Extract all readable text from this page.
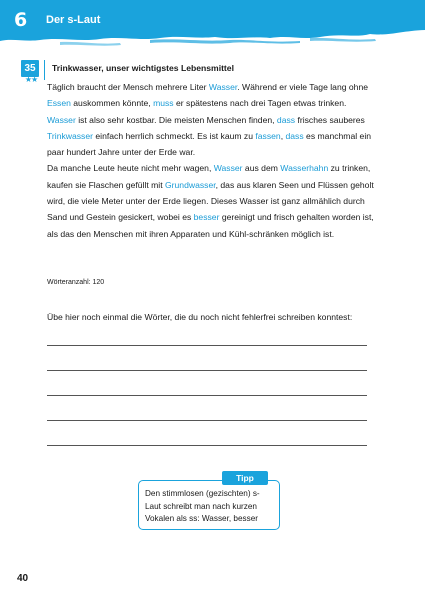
6 Der s-Laut
35
★★
Trinkwasser, unser wichtigstes Lebensmittel

Täglich braucht der Mensch mehrere Liter Wasser. Während er viele Tage lang ohne Essen auskommen könnte, muss er spätestens nach drei Tagen etwas trinken.

Wasser ist also sehr kostbar. Die meisten Menschen finden, dass frisches sauberes Trinkwasser einfach herrlich schmeckt. Es ist kaum zu fassen, dass es manchmal ein paar hundert Jahre unter der Erde war.

Da manche Leute heute nicht mehr wagen, Wasser aus dem Wasserhahn zu trinken, kaufen sie Flaschen gefüllt mit Grundwasser, das aus klaren Seen und Flüssen geholt wird, die viele Meter unter der Erde liegen. Dieses Wasser ist ganz allmählich durch Sand und Gestein gesickert, wobei es besser gereinigt und frisch gehalten worden ist, als das den Menschen mit ihren Apparaten und Kühl-schränken möglich ist.

Wörteranzahl: 120
Übe hier noch einmal die Wörter, die du noch nicht fehlerfrei schreiben konntest:
Tipp
Den stimmlosen (gezischten) s-Laut schreibt man nach kurzen Vokalen als ss: Wasser, besser
40
